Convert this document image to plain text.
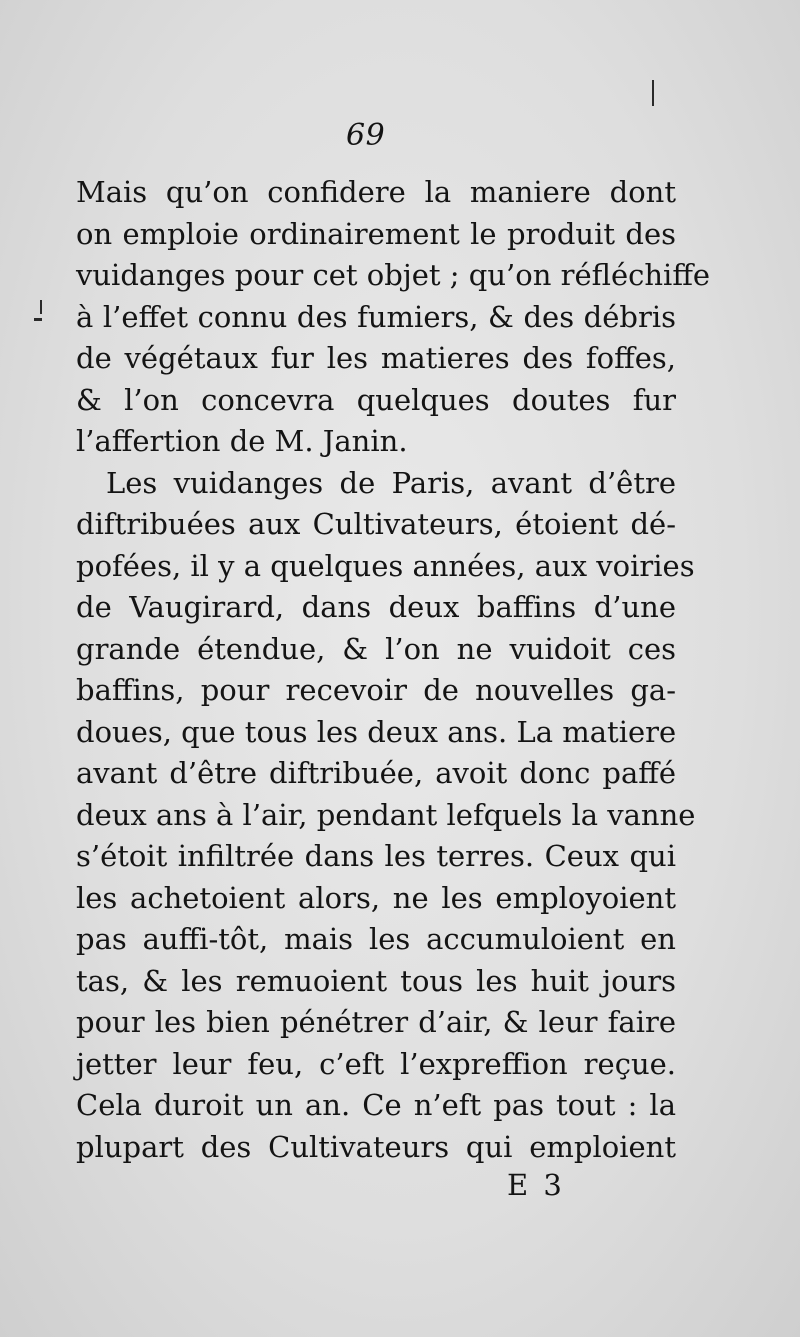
69
Mais qu’on confidere la maniere dont
on emploie ordinairement le produit des
vuidanges pour cet objet ; qu’on réfléchiffe
à l’effet connu des fumiers, & des débris
de végétaux fur les matieres des foffes,
& l’on concevra quelques doutes fur
l’affertion de M. Janin.
Les vuidanges de Paris, avant d’être
diftribuées aux Cultivateurs, étoient dé-
pofées, il y a quelques années, aux voiries
de Vaugirard, dans deux baffins d’une
grande étendue, & l’on ne vuidoit ces
baffins, pour recevoir de nouvelles ga-
doues, que tous les deux ans. La matiere
avant d’être diftribuée, avoit donc paffé
deux ans à l’air, pendant lefquels la vanne
s’étoit infiltrée dans les terres. Ceux qui
les achetoient alors, ne les employoient
pas auffi-tôt, mais les accumuloient en
tas, & les remuoient tous les huit jours
pour les bien pénétrer d’air, & leur faire
jetter leur feu, c’eft l’expreffion reçue.
Cela duroit un an. Ce n’eft pas tout : la
plupart des Cultivateurs qui emploient
E 3
